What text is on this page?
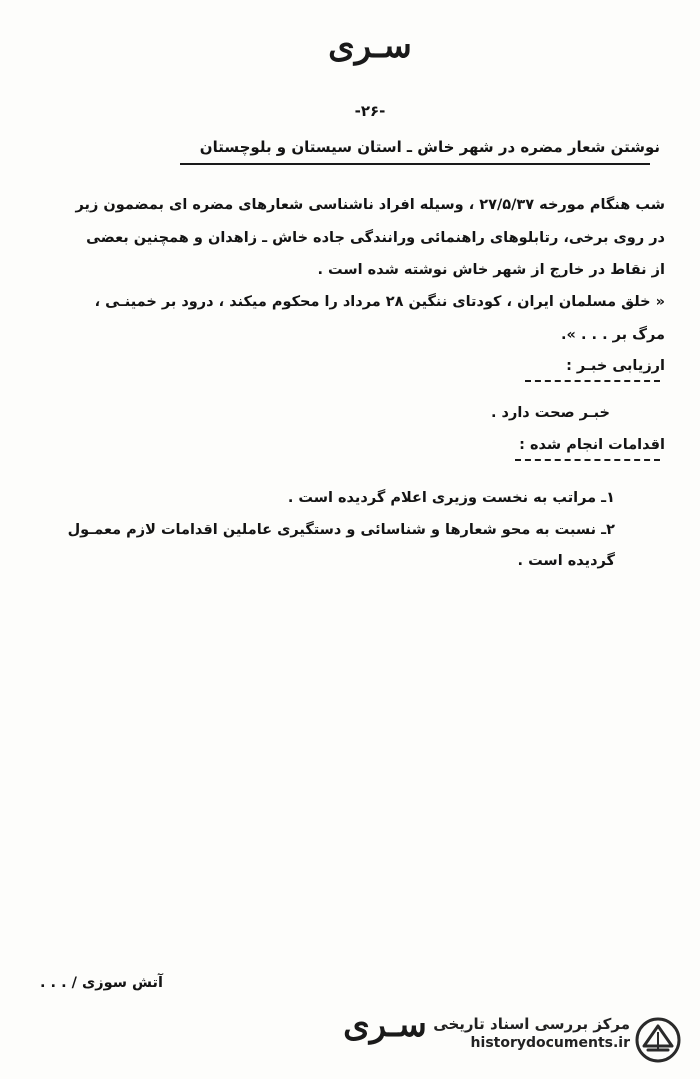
سـری
-۲۶-
نوشتن شعار مضره در شهر خاش ـ استان سیستان و بلوچستان
شب هنگام مورخه ۲۷/۵/۳۷ ، وسیله افراد ناشناسی شعارهای مضره ای بمضمون زیر
در روی برخی، رتابلوهای راهنمائی ورانندگی جاده خاش ـ زاهدان و همچنین بعضی
از نقاط در خارج از شهر خاش نوشته شده است .
« خلق مسلمان ایران ، کودتای ننگین ۲۸ مرداد را محکوم میکند ، درود بر خمینـی ،
مرگ بر . . . ».
ارزیابی خبـر :
خبـر صحت دارد .
اقدامات انجام شده :
۱ـ مراتب به نخست وزیری اعلام گردیده است .
۲ـ نسبت به محو شعارها و شناسائی و دستگیری عاملین اقدامات لازم معمـول
گردیده است .
آتش سوزی / . . .
سـری مرکز بررسی اسناد تاریخی
historydocuments.ir
